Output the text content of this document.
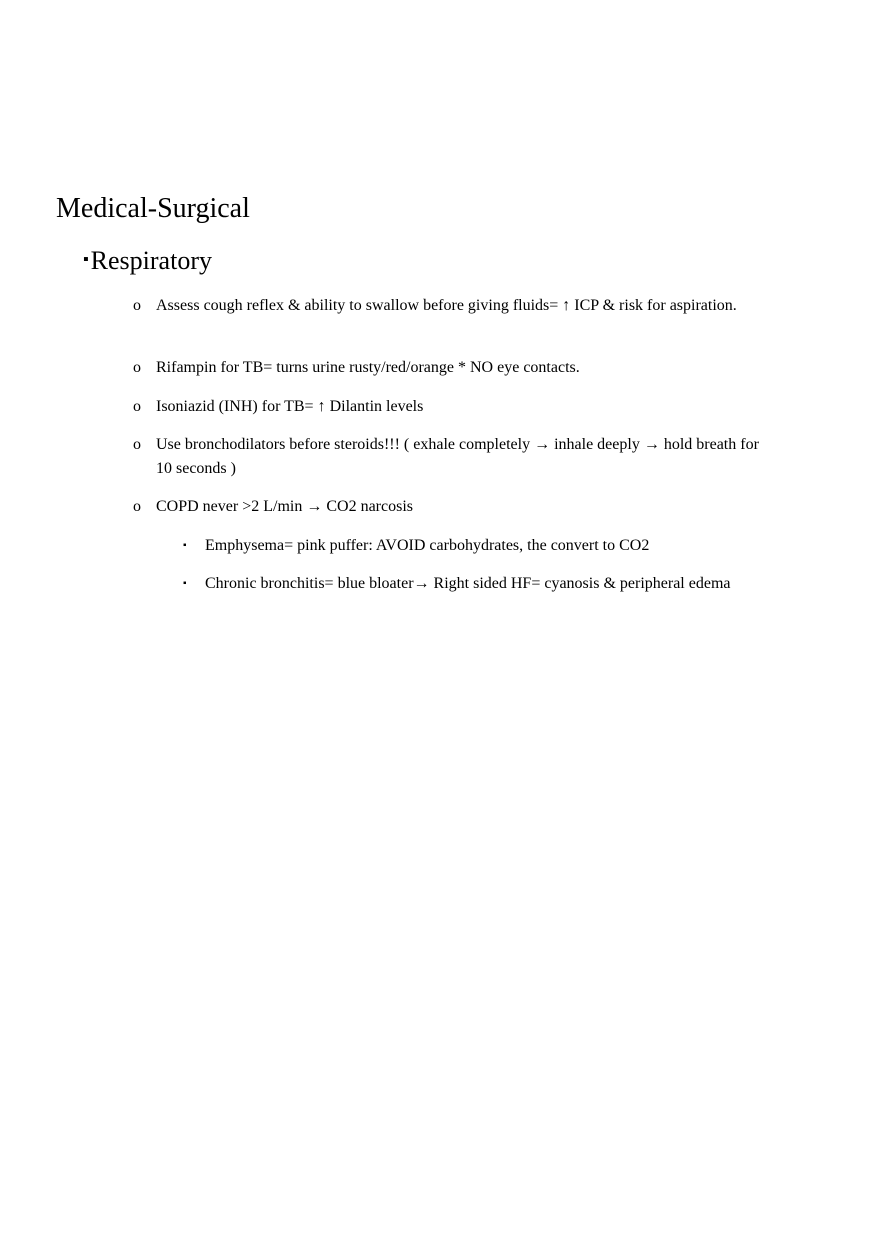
Medical-Surgical
▪Respiratory
o Assess cough reflex & ability to swallow before giving fluids= ↑ ICP & risk for aspiration.
o Rifampin for TB= turns urine rusty/red/orange * NO eye contacts.
o Isoniazid (INH) for TB= ↑ Dilantin levels
o Use bronchodilators before steroids!!! ( exhale completely → inhale deeply → hold breath for 10 seconds )
o COPD never >2 L/min → CO2 narcosis
▪ Emphysema= pink puffer: AVOID carbohydrates, the convert to CO2
▪ Chronic bronchitis= blue bloater→ Right sided HF= cyanosis & peripheral edema
